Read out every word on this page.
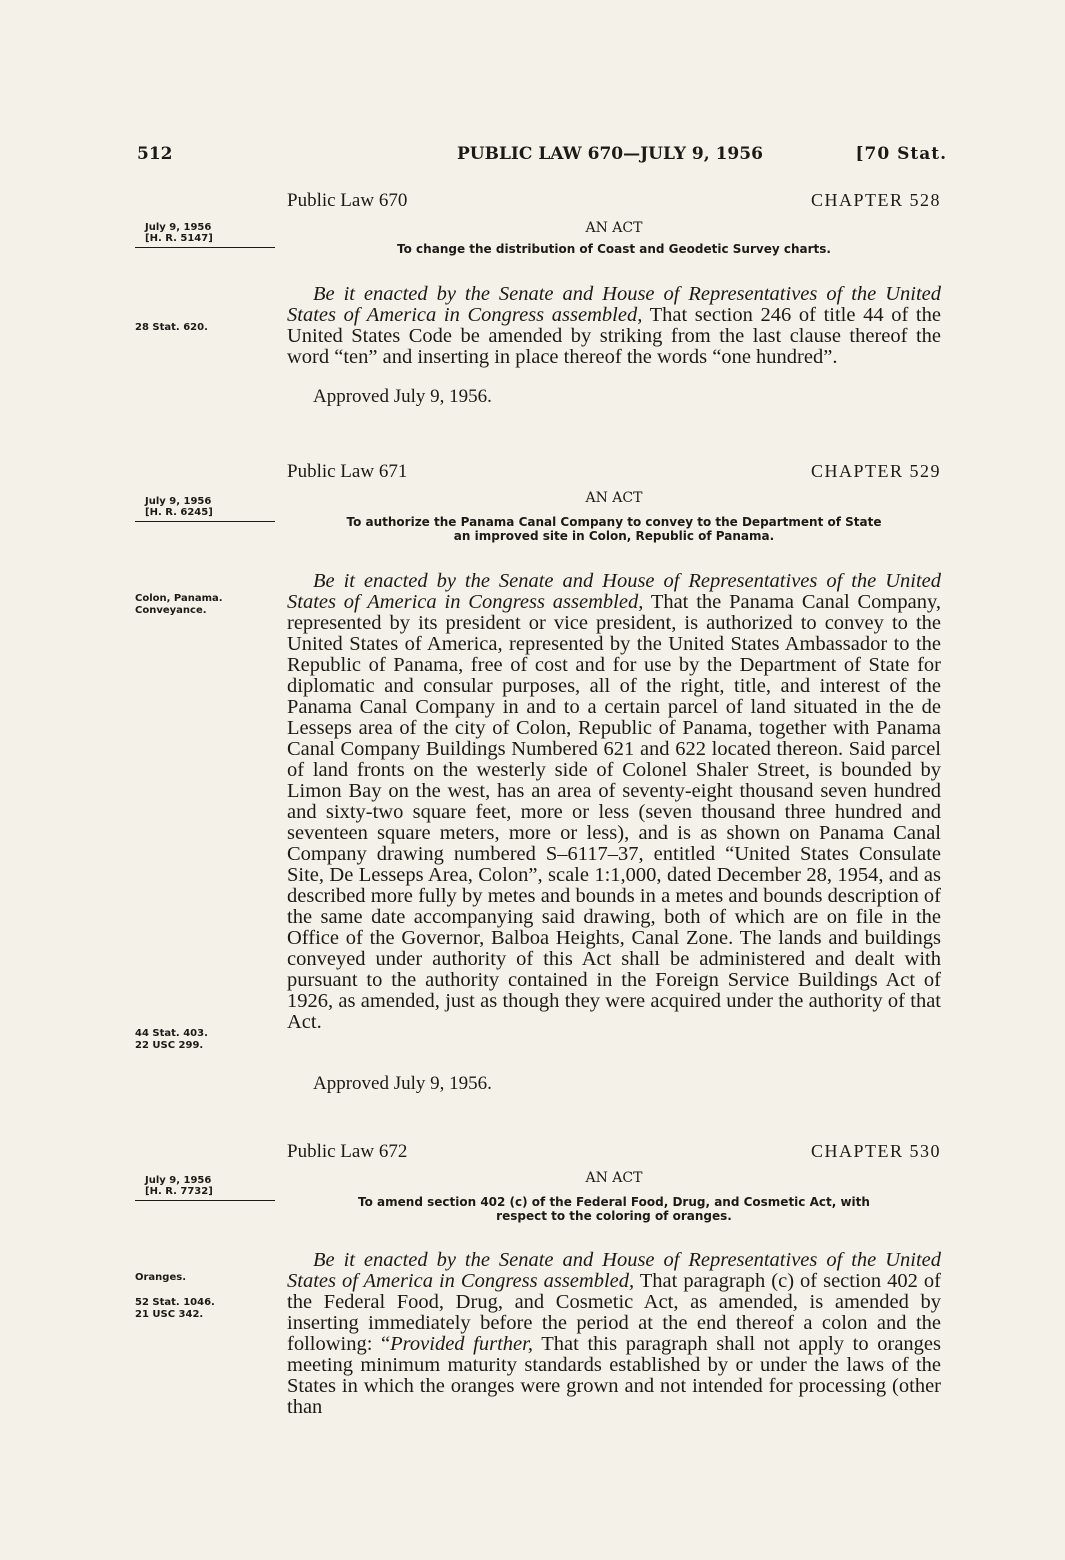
512	PUBLIC LAW 670—JULY 9, 1956	[70 Stat.
Public Law 670	CHAPTER 528
July 9, 1956
[H. R. 5147]
AN ACT
To change the distribution of Coast and Geodetic Survey charts.
28 Stat. 620.

Be it enacted by the Senate and House of Representatives of the United States of America in Congress assembled, That section 246 of title 44 of the United States Code be amended by striking from the last clause thereof the word “ten” and inserting in place thereof the words “one hundred”.

Approved July 9, 1956.
Public Law 671	CHAPTER 529
July 9, 1956
[H. R. 6245]
AN ACT
To authorize the Panama Canal Company to convey to the Department of State
an improved site in Colon, Republic of Panama.
Colon, Panama.
Conveyance.

Be it enacted by the Senate and House of Representatives of the United States of America in Congress assembled, That the Panama Canal Company, represented by its president or vice president, is authorized to convey to the United States of America, represented by the United States Ambassador to the Republic of Panama, free of cost and for use by the Department of State for diplomatic and consular purposes, all of the right, title, and interest of the Panama Canal Company in and to a certain parcel of land situated in the de Lesseps area of the city of Colon, Republic of Panama, together with Panama Canal Company Buildings Numbered 621 and 622 located thereon. Said parcel of land fronts on the westerly side of Colonel Shaler Street, is bounded by Limon Bay on the west, has an area of seventy-eight thousand seven hundred and sixty-two square feet, more or less (seven thousand three hundred and seventeen square meters, more or less), and is as shown on Panama Canal Company drawing numbered S–6117–37, entitled “United States Consulate Site, De Lesseps Area, Colon”, scale 1:1,000, dated December 28, 1954, and as described more fully by metes and bounds in a metes and bounds description of the same date accompanying said drawing, both of which are on file in the Office of the Governor, Balboa Heights, Canal Zone. The lands and buildings conveyed under authority of this Act shall be administered and dealt with pursuant to the authority contained in the Foreign Service Buildings Act of 1926, as amended, just as though they were acquired under the authority of that Act.

44 Stat. 403.
22 USC 299.
Approved July 9, 1956.
Public Law 672	CHAPTER 530
July 9, 1956
[H. R. 7732]
AN ACT
To amend section 402 (c) of the Federal Food, Drug, and Cosmetic Act, with
respect to the coloring of oranges.
Oranges.
52 Stat. 1046.
21 USC 342.

Be it enacted by the Senate and House of Representatives of the United States of America in Congress assembled, That paragraph (c) of section 402 of the Federal Food, Drug, and Cosmetic Act, as amended, is amended by inserting immediately before the period at the end thereof a colon and the following: “Provided further, That this paragraph shall not apply to oranges meeting minimum maturity standards established by or under the laws of the States in which the oranges were grown and not intended for processing (other than
